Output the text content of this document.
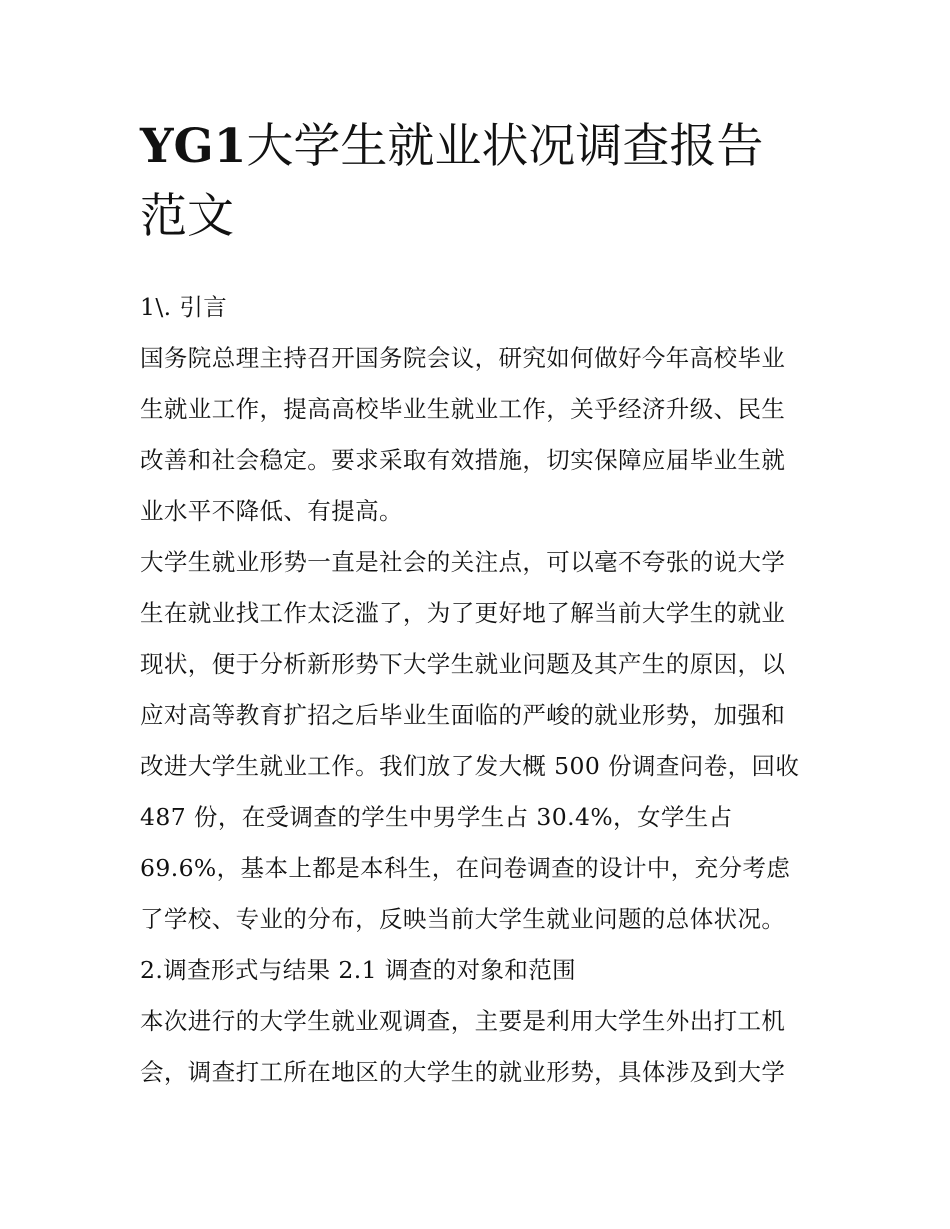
YG1大学生就业状况调查报告
范文

1\. 引言

国务院总理主持召开国务院会议，研究如何做好今年高校毕业

生就业工作，提高高校毕业生就业工作，关乎经济升级、民生

改善和社会稳定。要求采取有效措施，切实保障应届毕业生就

业水平不降低、有提高。

大学生就业形势一直是社会的关注点，可以毫不夸张的说大学

生在就业找工作太泛滥了，为了更好地了解当前大学生的就业

现状，便于分析新形势下大学生就业问题及其产生的原因，以

应对高等教育扩招之后毕业生面临的严峻的就业形势，加强和

改进大学生就业工作。我们放了发大概 500 份调查问卷，回收

487 份，在受调查的学生中男学生占 30.4%，女学生占

69.6%，基本上都是本科生，在问卷调查的设计中，充分考虑

了学校、专业的分布，反映当前大学生就业问题的总体状况。

2.调查形式与结果 2.1 调查的对象和范围

本次进行的大学生就业观调查，主要是利用大学生外出打工机

会，调查打工所在地区的大学生的就业形势，具体涉及到大学
